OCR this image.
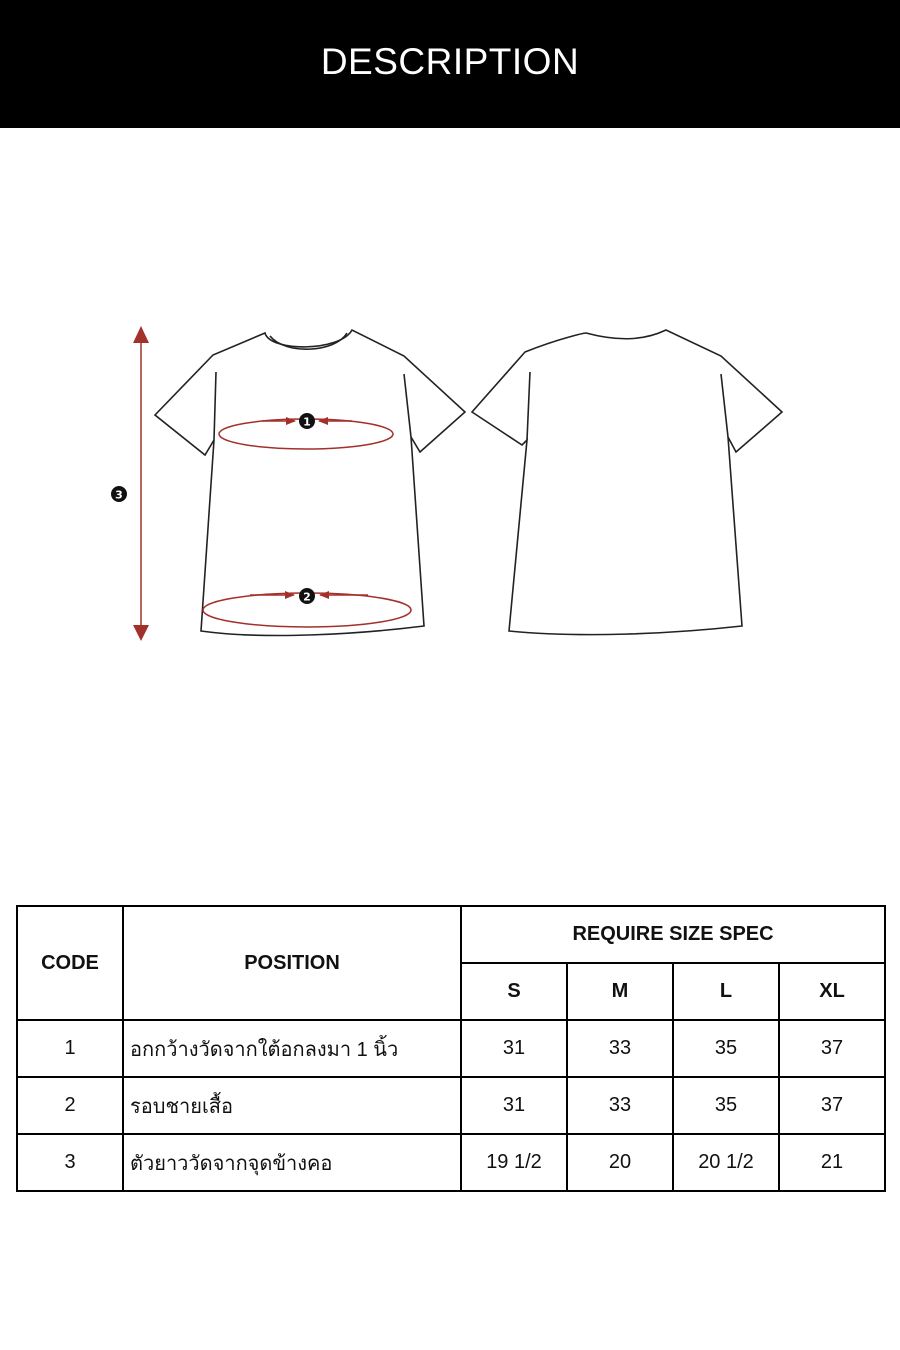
DESCRIPTION
1
2
3
CODE	POSITION	REQUIRE SIZE SPEC			
		S	M	L	XL
1	อกกว้างวัดจากใต้อกลงมา 1 นิ้ว	31	33	35	37
2	รอบชายเสื้อ	31	33	35	37
3	ตัวยาววัดจากจุดข้างคอ	19 1/2	20	20 1/2	21
